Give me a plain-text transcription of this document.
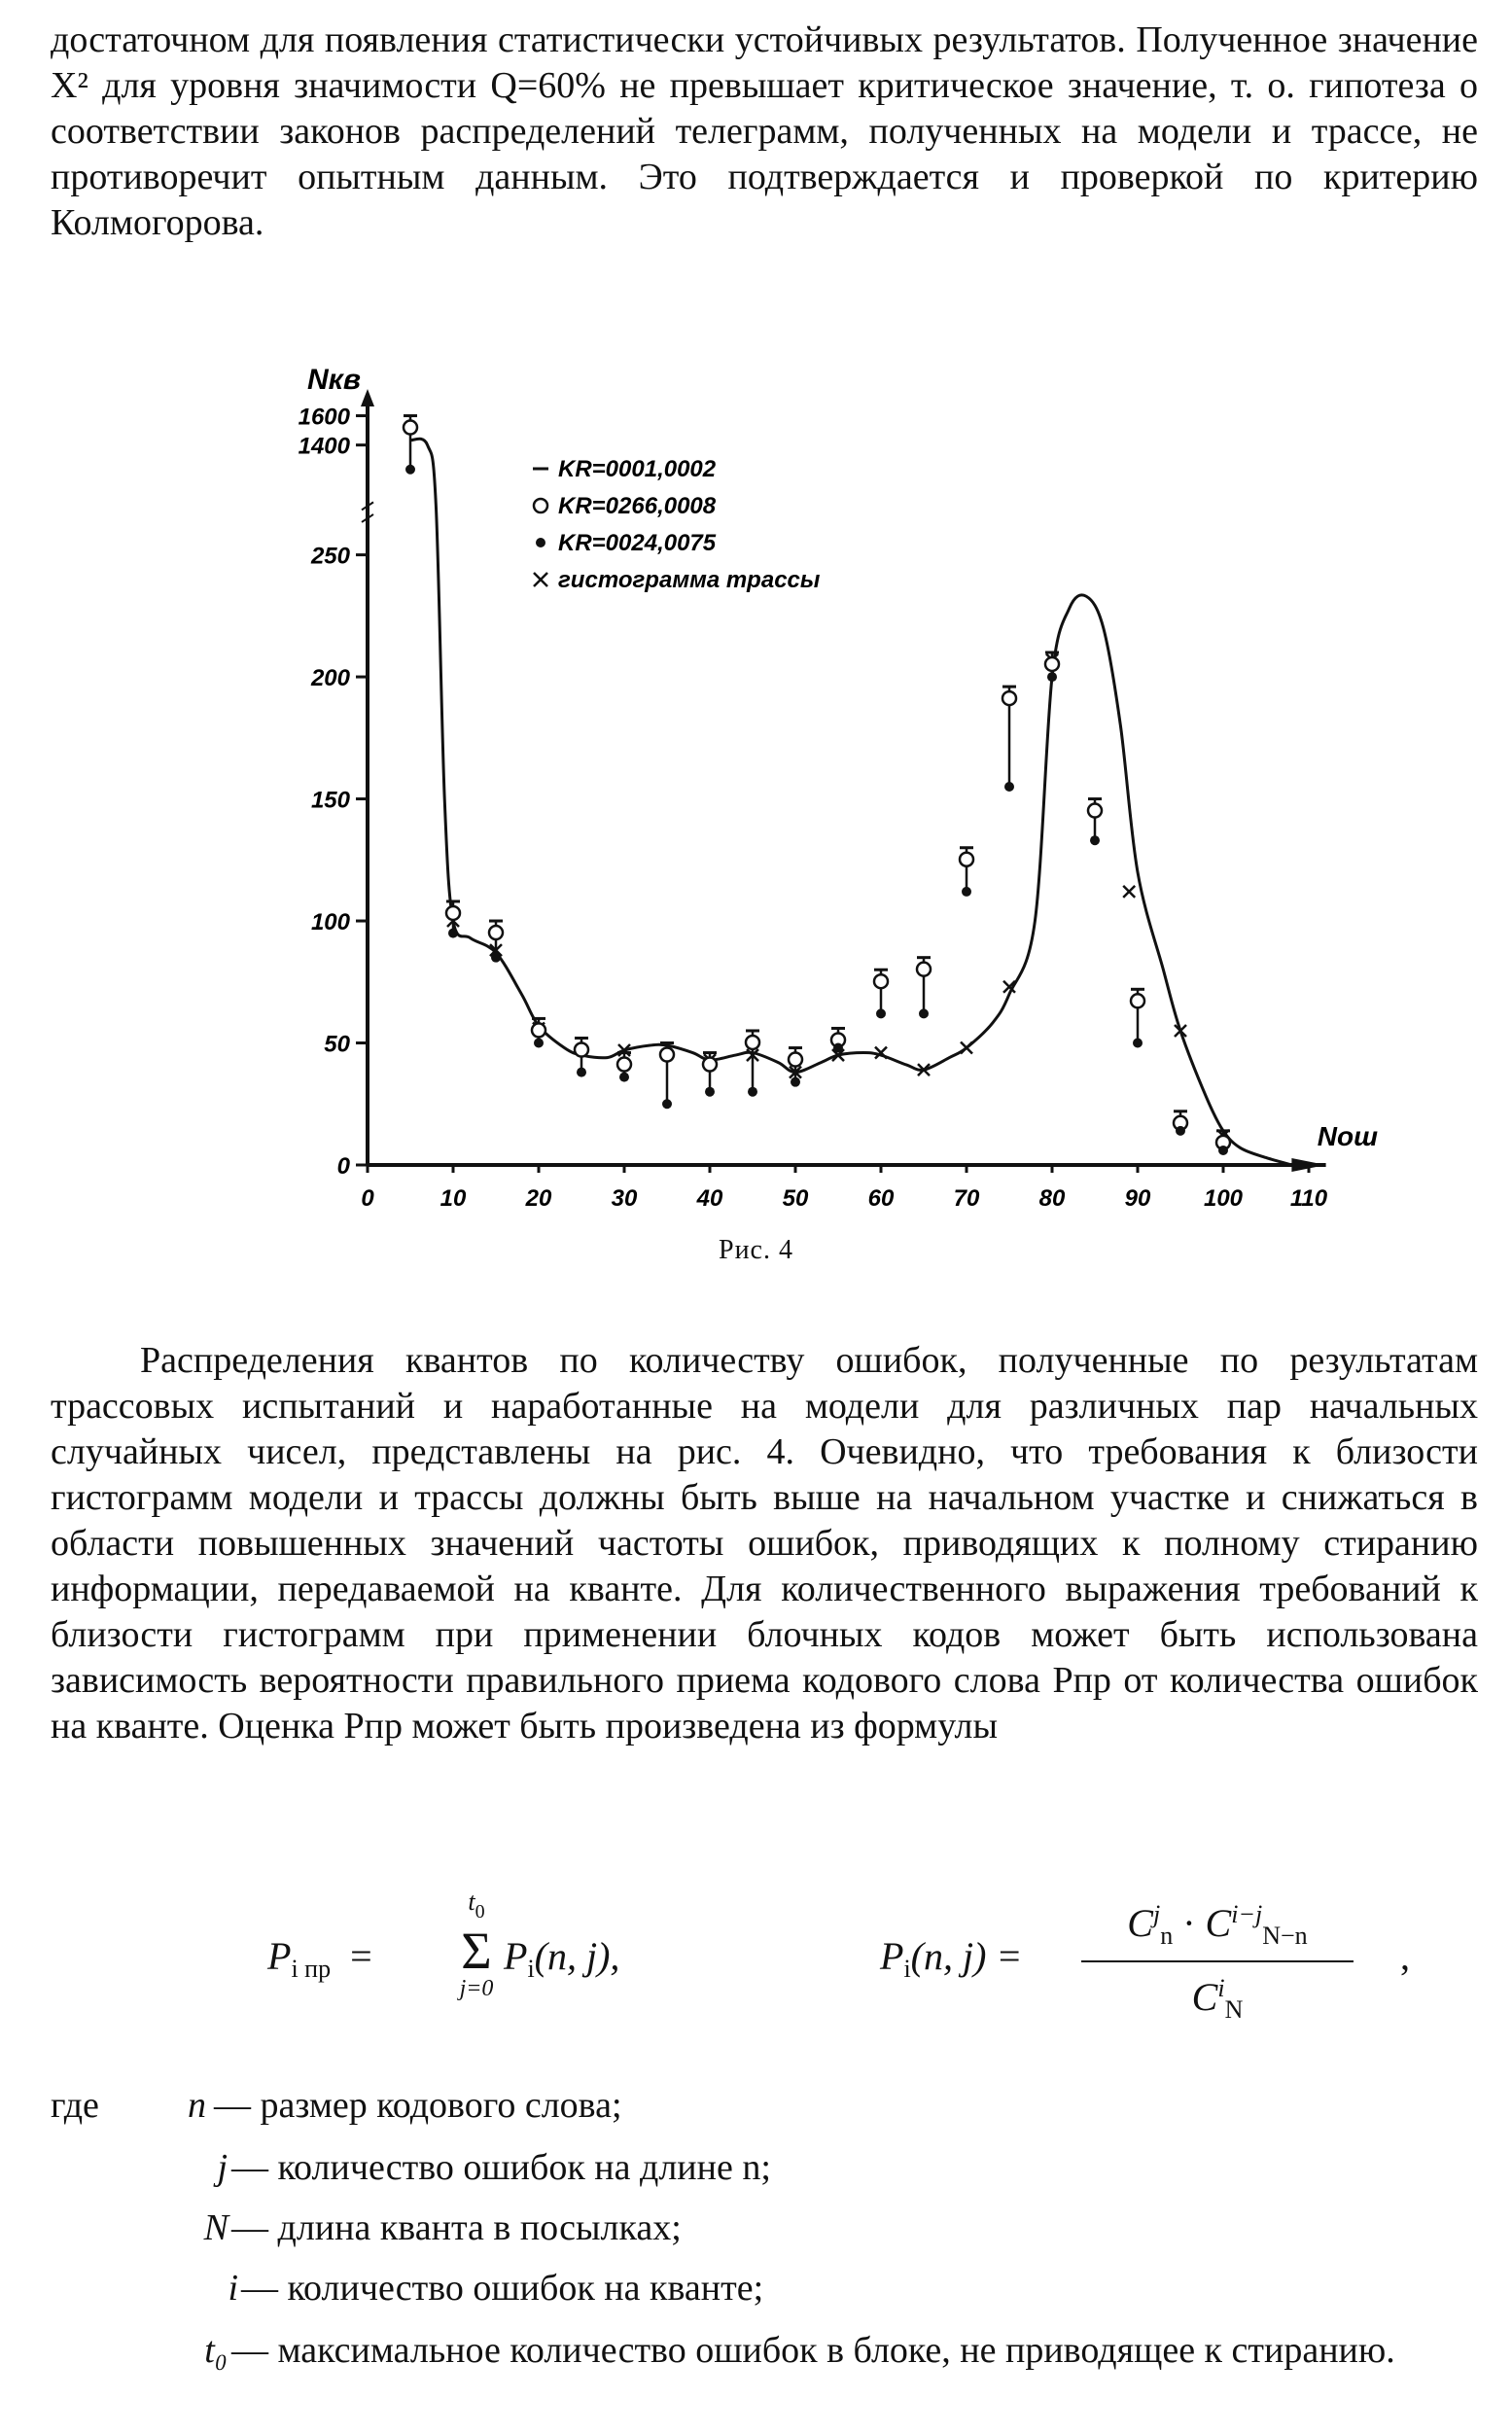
достаточном для появления статистически устойчивых результатов. Полученное значение X² для уровня значимости Q=60% не превышает критическое значение, т. о. гипотеза о соответствии законов распределений телеграмм, полученных на модели и трассе, не противоречит опытным данным. Это подтверждается и проверкой по критерию Колмогорова.

Nкв
Nош
0
50
100
150
200
250
1400
1600
0	10	20	30	40	50	60	70	80	90 100 110
KR=0001,0002
KR=0266,0008
KR=0024,0075
гистограмма трассы
Рис. 4

Распределения квантов по количеству ошибок, полученные по результатам трассовых испытаний и наработанные на модели для различных пар начальных случайных чисел, представлены на рис. 4. Очевидно, что требования к близости гистограмм модели и трассы должны быть выше на начальном участке и снижаться в области повышенных значений частоты ошибок, приводящих к полному стиранию информации, передаваемой на кванте. Для количественного выражения требований к близости гистограмм при применении блочных кодов может быть использована зависимость вероятности правильного приема кодового слова Pпр от количества ошибок на кванте. Оценка Pпр может быть произведена из формулы

$P_{i пр}$ =
$t_0$
Σ
j=0
$P_i(n$, j),	$P_i(n$, j) =
$C^j_n \cdot C^{i-j}_{N-n}$
$C^i_N$
,
где	n — размер кодового слова;
j — количество ошибок на длине n;
N — длина кванта в посылках;
i — количество ошибок на кванте;
t₀ — максимальное количество ошибок в блоке, не приводящее к стиранию.
